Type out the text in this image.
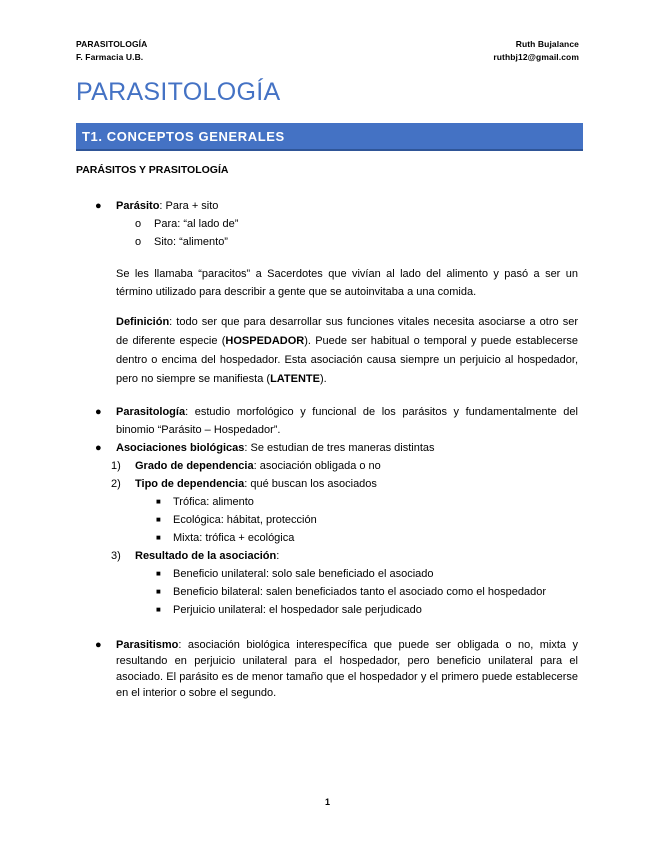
PARASITOLOGÍA
F. Farmacia U.B.
Ruth Bujalance
ruthbj12@gmail.com
PARASITOLOGÍA
T1. CONCEPTOS GENERALES
PARÁSITOS Y PRASITOLOGÍA
● Parásito: Para + sito
o Para: “al lado de”
o Sito: “alimento”

Se les llamaba “paracitos” a Sacerdotes que vivían al lado del alimento y pasó a ser un término utilizado para describir a gente que se autoinvitaba a una comida.

Definición: todo ser que para desarrollar sus funciones vitales necesita asociarse a otro ser de diferente especie (HOSPEDADOR). Puede ser habitual o temporal y puede establecerse dentro o encima del hospedador. Esta asociación causa siempre un perjuicio al hospedador, pero no siempre se manifiesta (LATENTE).

● Parasitología: estudio morfológico y funcional de los parásitos y fundamentalmente del binomio “Parásito – Hospedador”.
● Asociaciones biológicas: Se estudian de tres maneras distintas
1) Grado de dependencia: asociación obligada o no
2) Tipo de dependencia: qué buscan los asociados
■ Trófica: alimento
■ Ecológica: hábitat, protección
■ Mixta: trófica + ecológica
3) Resultado de la asociación:
■ Beneficio unilateral: solo sale beneficiado el asociado
■ Beneficio bilateral: salen beneficiados tanto el asociado como el hospedador
■ Perjuicio unilateral: el hospedador sale perjudicado
● Parasitismo: asociación biológica interespecífica que puede ser obligada o no, mixta y resultando en perjuicio unilateral para el hospedador, pero beneficio unilateral para el asociado. El parásito es de menor tamaño que el hospedador y el primero puede establecerse en el interior o sobre el segundo.
1
